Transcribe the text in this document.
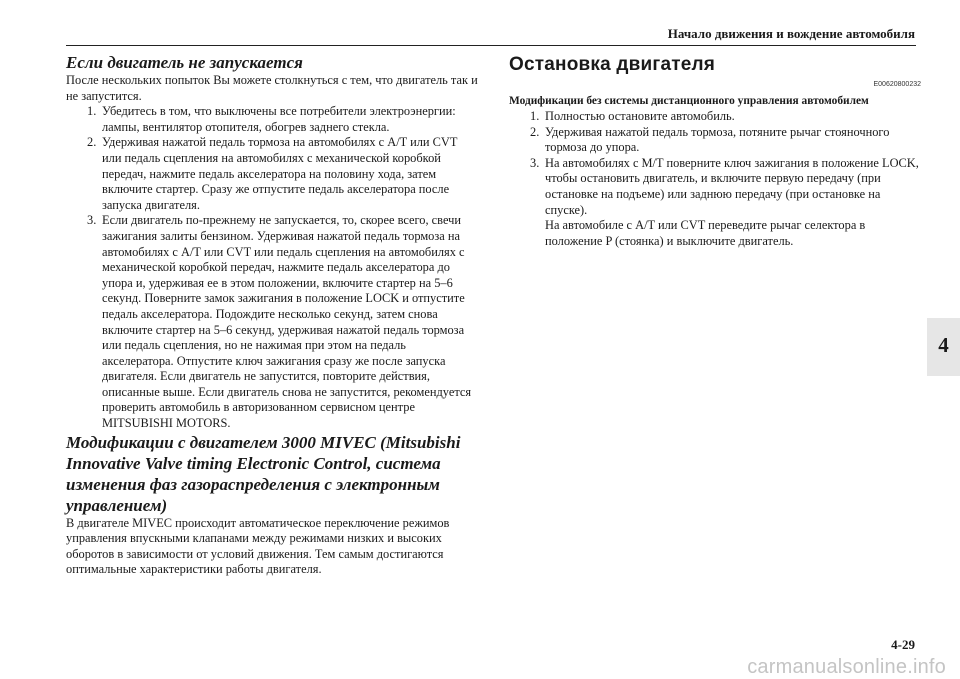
Начало движения и вождение автомобиля
4
Если двигатель не запускается

После нескольких попыток Вы можете столкнуться с тем, что двигатель так и не запустится.

1. Убедитесь в том, что выключены все потребители электроэнергии: лампы, вентилятор отопителя, обогрев заднего стекла.
2. Удерживая нажатой педаль тормоза на автомобилях с A/T или CVT или педаль сцепления на автомобилях с механической коробкой передач, нажмите педаль акселератора на половину хода, затем включите стартер. Сразу же отпустите педаль акселератора после запуска двигателя.
3. Если двигатель по-прежнему не запускается, то, скорее всего, свечи зажигания залиты бензином. Удерживая нажатой педаль тормоза на автомобилях с A/T или CVT или педаль сцепления на автомобилях с механической коробкой передач, нажмите педаль акселератора до упора и, удерживая ее в этом положении, включите стартер на 5–6 секунд. Поверните замок зажигания в положение LOCK и отпустите педаль акселератора. Подождите несколько секунд, затем снова включите стартер на 5–6 секунд, удерживая нажатой педаль тормоза или педаль сцепления, но не нажимая при этом на педаль акселератора. Отпустите ключ зажигания сразу же после запуска двигателя. Если двигатель не запустится, повторите действия, описанные выше. Если двигатель снова не запустится, рекомендуется проверить автомобиль в авторизованном сервисном центре MITSUBISHI MOTORS.
Модификации с двигателем 3000 MIVEC (Mitsubishi Innovative Valve timing Electronic Control, система изменения фаз газораспределения с электронным управлением)

В двигателе MIVEC происходит автоматическое переключение режимов управления впускными клапанами между режимами низких и высоких оборотов в зависимости от условий движения. Тем самым достигаются оптимальные характеристики работы двигателя.

Остановка двигателя
E00620800232
Модификации без системы дистанционного управления автомобилем
1. Полностью остановите автомобиль.
2. Удерживая нажатой педаль тормоза, потяните рычаг стояночного тормоза до упора.
3. На автомобилях с M/T поверните ключ зажигания в положение LOCK, чтобы остановить двигатель, и включите первую передачу (при остановке на подъеме) или заднюю передачу (при остановке на спуске).
На автомобиле с A/T или CVT переведите рычаг селектора в положение P (стоянка) и выключите двигатель.
4-29
carmanualsonline.info
